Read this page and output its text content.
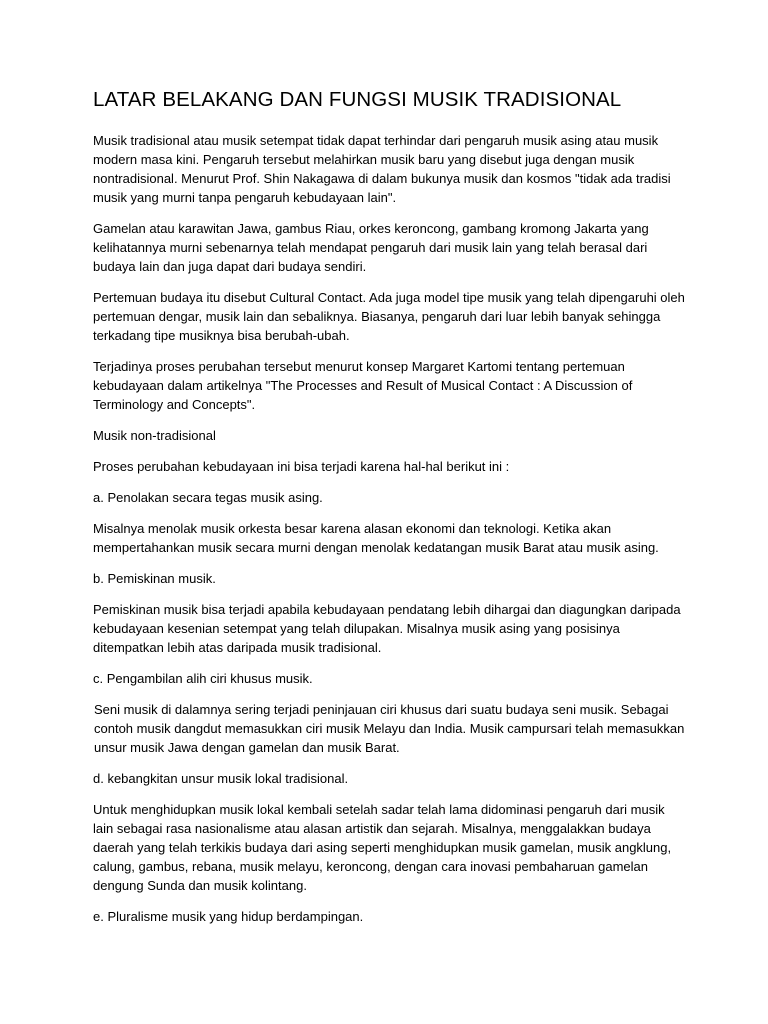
LATAR BELAKANG DAN FUNGSI MUSIK TRADISIONAL

Musik tradisional atau musik setempat tidak dapat terhindar dari pengaruh musik asing atau musik modern masa kini. Pengaruh tersebut melahirkan musik baru yang disebut juga dengan musik nontradisional. Menurut Prof. Shin Nakagawa di dalam bukunya musik dan kosmos "tidak ada tradisi musik yang murni tanpa pengaruh kebudayaan lain".

Gamelan atau karawitan Jawa, gambus Riau, orkes keroncong, gambang kromong Jakarta yang kelihatannya murni sebenarnya telah mendapat pengaruh dari musik lain yang telah berasal dari budaya lain dan juga dapat dari budaya sendiri.

Pertemuan budaya itu disebut Cultural Contact. Ada juga model tipe musik yang telah dipengaruhi oleh pertemuan dengar, musik lain dan sebaliknya. Biasanya, pengaruh dari luar lebih banyak sehingga terkadang tipe musiknya bisa berubah-ubah.

Terjadinya proses perubahan tersebut menurut konsep Margaret Kartomi tentang pertemuan kebudayaan dalam artikelnya "The Processes and Result of Musical Contact : A Discussion of Terminology and Concepts".

Musik non-tradisional

Proses perubahan kebudayaan ini bisa terjadi karena hal-hal berikut ini :

a. Penolakan secara tegas musik asing.

Misalnya menolak musik orkesta besar karena alasan ekonomi dan teknologi. Ketika akan mempertahankan musik secara murni dengan menolak kedatangan musik Barat atau musik asing.

b. Pemiskinan musik.

Pemiskinan musik bisa terjadi apabila kebudayaan pendatang lebih dihargai dan diagungkan daripada kebudayaan kesenian setempat yang telah dilupakan. Misalnya musik asing yang posisinya ditempatkan lebih atas daripada musik tradisional.

c. Pengambilan alih ciri khusus musik.

Seni musik di dalamnya sering terjadi peninjauan ciri khusus dari suatu budaya seni musik. Sebagai contoh musik dangdut memasukkan ciri musik Melayu dan India. Musik campursari telah memasukkan unsur musik Jawa dengan gamelan dan musik Barat.

d. kebangkitan unsur musik lokal tradisional.

Untuk menghidupkan musik lokal kembali setelah sadar telah lama didominasi pengaruh dari musik lain sebagai rasa nasionalisme atau alasan artistik dan sejarah. Misalnya, menggalakkan budaya daerah yang telah terkikis budaya dari asing seperti menghidupkan musik gamelan, musik angklung, calung, gambus, rebana, musik melayu, keroncong, dengan cara inovasi pembaharuan gamelan dengung Sunda dan musik kolintang.

e. Pluralisme musik yang hidup berdampingan.
